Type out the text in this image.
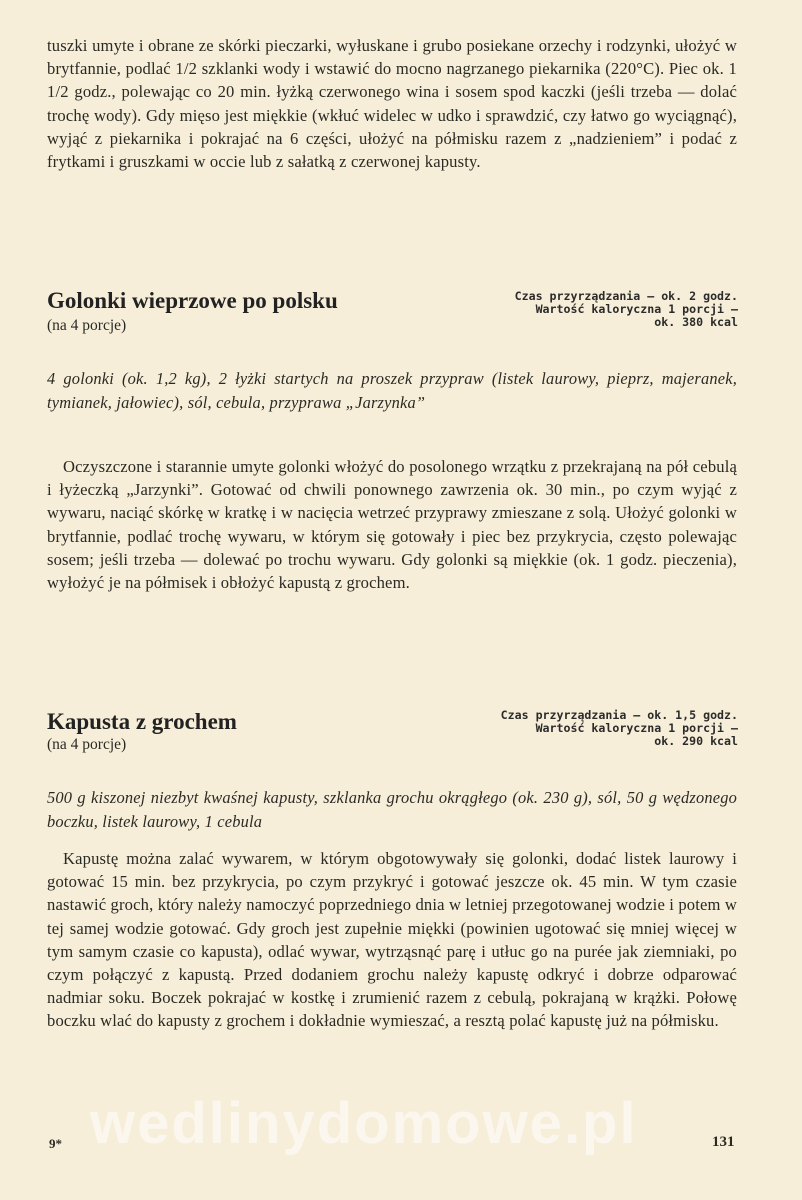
tuszki umyte i obrane ze skórki pieczarki, wyłuskane i grubo posiekane orzechy i rodzynki, ułożyć w brytfannie, podlać 1/2 szklanki wody i wstawić do mocno nagrzanego piekarnika (220°C). Piec ok. 1 1/2 godz., polewając co 20 min. łyżką czerwonego wina i sosem spod kaczki (jeśli trzeba — dolać trochę wody). Gdy mięso jest miękkie (wkłuć widelec w udko i sprawdzić, czy łatwo go wyciągnąć), wyjąć z piekarnika i pokrajać na 6 części, ułożyć na półmisku razem z „nadzieniem” i podać z frytkami i gruszkami w occie lub z sałatką z czerwonej kapusty.

Golonki wieprzowe po polsku
(na 4 porcje)
Czas przyrządzania — ok. 2 godz.
Wartość kaloryczna 1 porcji —
ok. 380 kcal

4 golonki (ok. 1,2 kg), 2 łyżki startych na proszek przypraw (listek laurowy, pieprz, majeranek, tymianek, jałowiec), sól, cebula, przyprawa „Jarzynka”

Oczyszczone i starannie umyte golonki włożyć do posolonego wrzątku z przekrajaną na pół cebulą i łyżeczką „Jarzynki”. Gotować od chwili ponownego zawrzenia ok. 30 min., po czym wyjąć z wywaru, naciąć skórkę w kratkę i w nacięcia wetrzeć przyprawy zmieszane z solą. Ułożyć golonki w brytfannie, podlać trochę wywaru, w którym się gotowały i piec bez przykrycia, często polewając sosem; jeśli trzeba — dolewać po trochu wywaru. Gdy golonki są miękkie (ok. 1 godz. pieczenia), wyłożyć je na półmisek i obłożyć kapustą z grochem.

Kapusta z grochem
(na 4 porcje)
Czas przyrządzania — ok. 1,5 godz.
Wartość kaloryczna 1 porcji —
ok. 290 kcal

500 g kiszonej niezbyt kwaśnej kapusty, szklanka grochu okrągłego (ok. 230 g), sól, 50 g wędzonego boczku, listek laurowy, 1 cebula

Kapustę można zalać wywarem, w którym obgotowywały się golonki, dodać listek laurowy i gotować 15 min. bez przykrycia, po czym przykryć i gotować jeszcze ok. 45 min. W tym czasie nastawić groch, który należy namoczyć poprzedniego dnia w letniej przegotowanej wodzie i potem w tej samej wodzie gotować. Gdy groch jest zupełnie miękki (powinien ugotować się mniej więcej w tym samym czasie co kapusta), odlać wywar, wytrząsnąć parę i utłuc go na purée jak ziemniaki, po czym połączyć z kapustą. Przed dodaniem grochu należy kapustę odkryć i dobrze odparować nadmiar soku. Boczek pokrajać w kostkę i zrumienić razem z cebulą, pokrajaną w krążki. Połowę boczku wlać do kapusty z grochem i dokładnie wymieszać, a resztą polać kapustę już na półmisku.

wedlinydomowe.pl
9*	131
